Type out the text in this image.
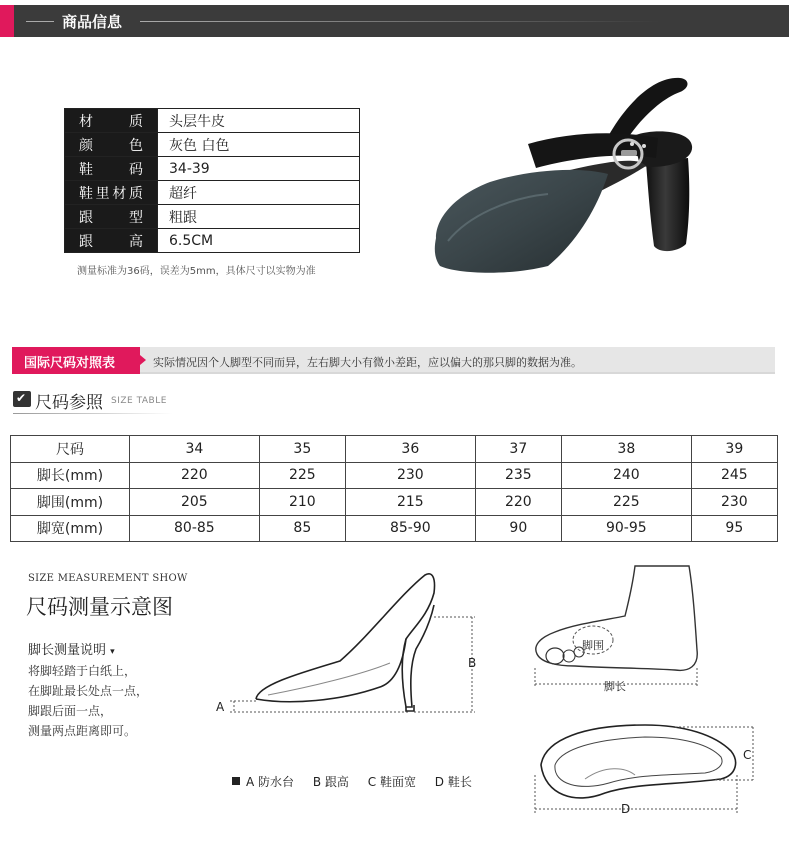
商品信息
材　质	头层牛皮
颜　色	灰色 白色
鞋　码	34-39
鞋里材质	超纤
跟　型	粗跟
跟　高	6.5CM
测量标准为36码，误差为5mm，具体尺寸以实物为准
国际尺码对照表	实际情况因个人脚型不同而异，左右脚大小有微小差距，应以偏大的那只脚的数据为准。
✔ 尺码参照 SIZE TABLE
尺码	34	35	36	37	38	39
脚长(mm)	220	225	230	235	240	245
脚围(mm)	205	210	215	220	225	230
脚宽(mm)	80-85	85	85-90	90	90-95	95
SIZE MEASUREMENT SHOW
尺码测量示意图
脚长测量说明 ▾
将脚轻踏于白纸上，
在脚趾最长处点一点，
脚跟后面一点，
测量两点距离即可。
A
B
脚围
脚长
C
D
A 防水台 B 跟高 C 鞋面宽 D 鞋长
